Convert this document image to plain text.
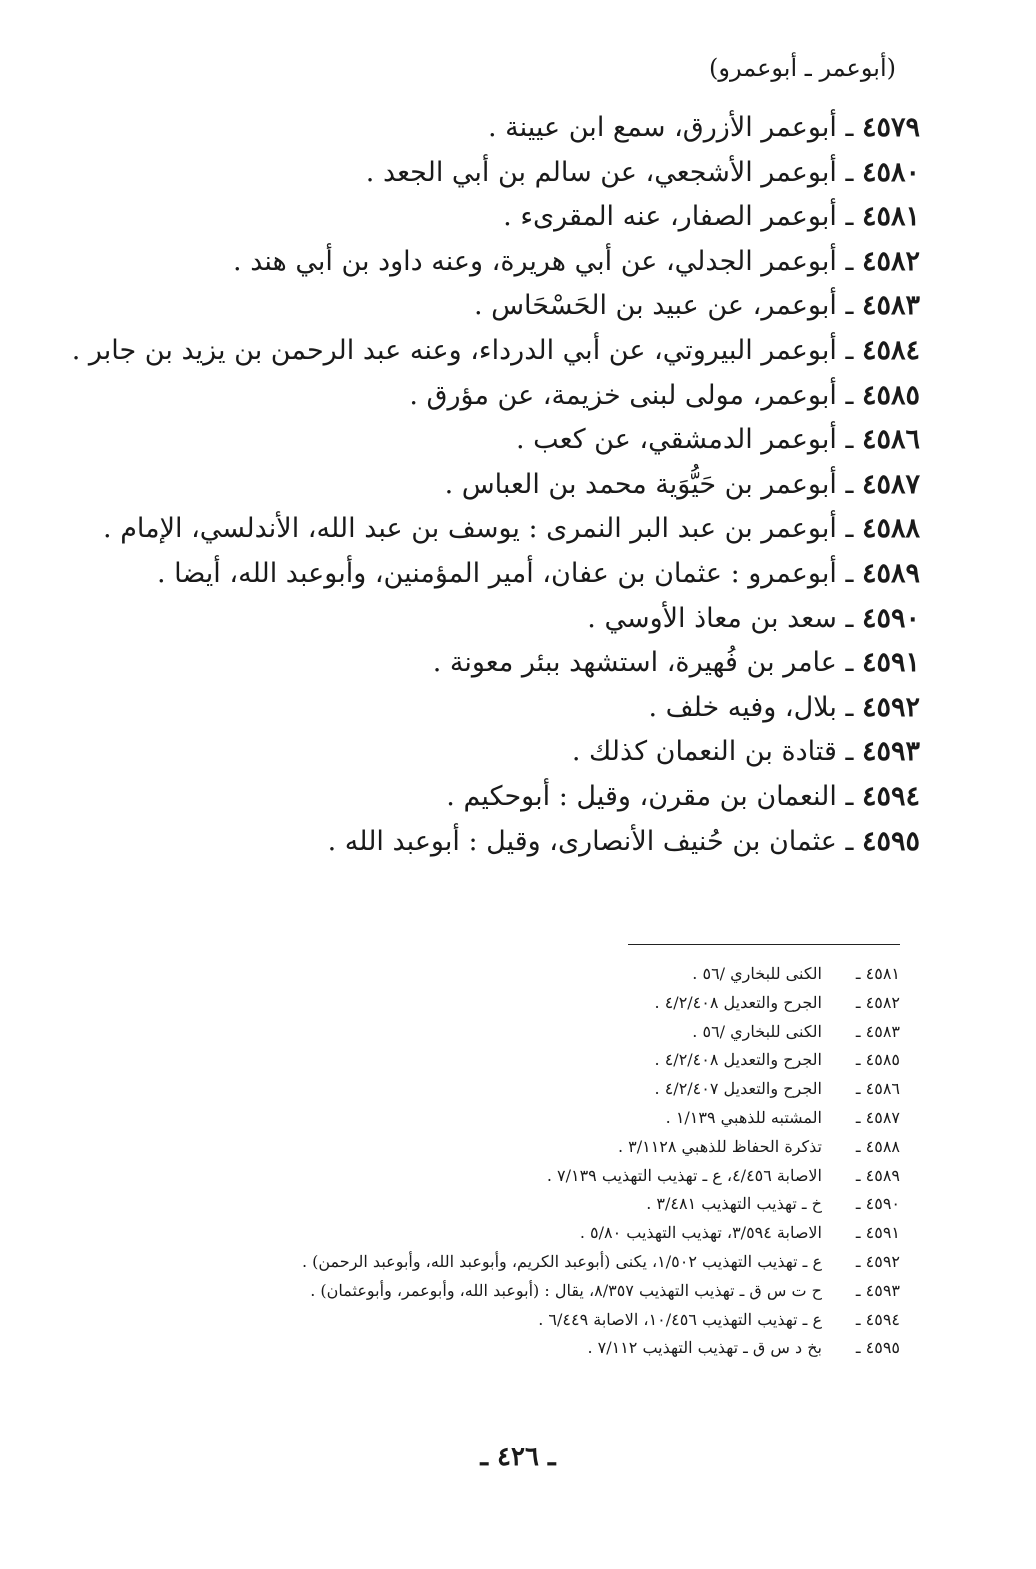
(أبوعمر ـ أبوعمرو)
٤٥٧٩ ـ أبوعمر الأزرق، سمع ابن عيينة .
٤٥٨٠ ـ أبوعمر الأشجعي، عن سالم بن أبي الجعد .
٤٥٨١ ـ أبوعمر الصفار، عنه المقرىء .
٤٥٨٢ ـ أبوعمر الجدلي، عن أبي هريرة، وعنه داود بن أبي هند .
٤٥٨٣ ـ أبوعمر، عن عبيد بن الحَسْحَاس .
٤٥٨٤ ـ أبوعمر البيروتي، عن أبي الدرداء، وعنه عبد الرحمن بن يزيد بن جابر .
٤٥٨٥ ـ أبوعمر، مولى لبنى خزيمة، عن مؤرق .
٤٥٨٦ ـ أبوعمر الدمشقي، عن كعب .
٤٥٨٧ ـ أبوعمر بن حَيُّوَية محمد بن العباس .
٤٥٨٨ ـ أبوعمر بن عبد البر النمرى : يوسف بن عبد الله، الأندلسي، الإمام .
٤٥٨٩ ـ أبوعمرو : عثمان بن عفان، أمير المؤمنين، وأبوعبد الله، أيضا .
٤٥٩٠ ـ سعد بن معاذ الأوسي .
٤٥٩١ ـ عامر بن فُهيرة، استشهد ببئر معونة .
٤٥٩٢ ـ بلال، وفيه خلف .
٤٥٩٣ ـ قتادة بن النعمان كذلك .
٤٥٩٤ ـ النعمان بن مقرن، وقيل : أبوحكيم .
٤٥٩٥ ـ عثمان بن حُنيف الأنصارى، وقيل : أبوعبد الله .
٤٥٨١ ـ
الكنى للبخاري /٥٦ .
٤٥٨٢ ـ
الجرح والتعديل ٤/٢/٤٠٨ .
٤٥٨٣ ـ
الكنى للبخاري /٥٦ .
٤٥٨٥ ـ
الجرح والتعديل ٤/٢/٤٠٨ .
٤٥٨٦ ـ
الجرح والتعديل ٤/٢/٤٠٧ .
٤٥٨٧ ـ
المشتبه للذهبي ١/١٣٩ .
٤٥٨٨ ـ
تذكرة الحفاظ للذهبي ٣/١١٢٨ .
٤٥٨٩ ـ
الاصابة ٤/٤٥٦، ع ـ تهذيب التهذيب ٧/١٣٩ .
٤٥٩٠ ـ
خ ـ تهذيب التهذيب ٣/٤٨١ .
٤٥٩١ ـ
الاصابة ٣/٥٩٤، تهذيب التهذيب ٥/٨٠ .
٤٥٩٢ ـ
ع ـ تهذيب التهذيب ١/٥٠٢، يكنى (أبوعبد الكريم، وأبوعبد الله، وأبوعبد الرحمن) .
٤٥٩٣ ـ
ح ت س ق ـ تهذيب التهذيب ٨/٣٥٧، يقال : (أبوعبد الله، وأبوعمر، وأبوعثمان) .
٤٥٩٤ ـ
ع ـ تهذيب التهذيب ١٠/٤٥٦، الاصابة ٦/٤٤٩ .
٤٥٩٥ ـ
بخ د س ق ـ تهذيب التهذيب ٧/١١٢ .
ـ ٤٢٦ ـ
